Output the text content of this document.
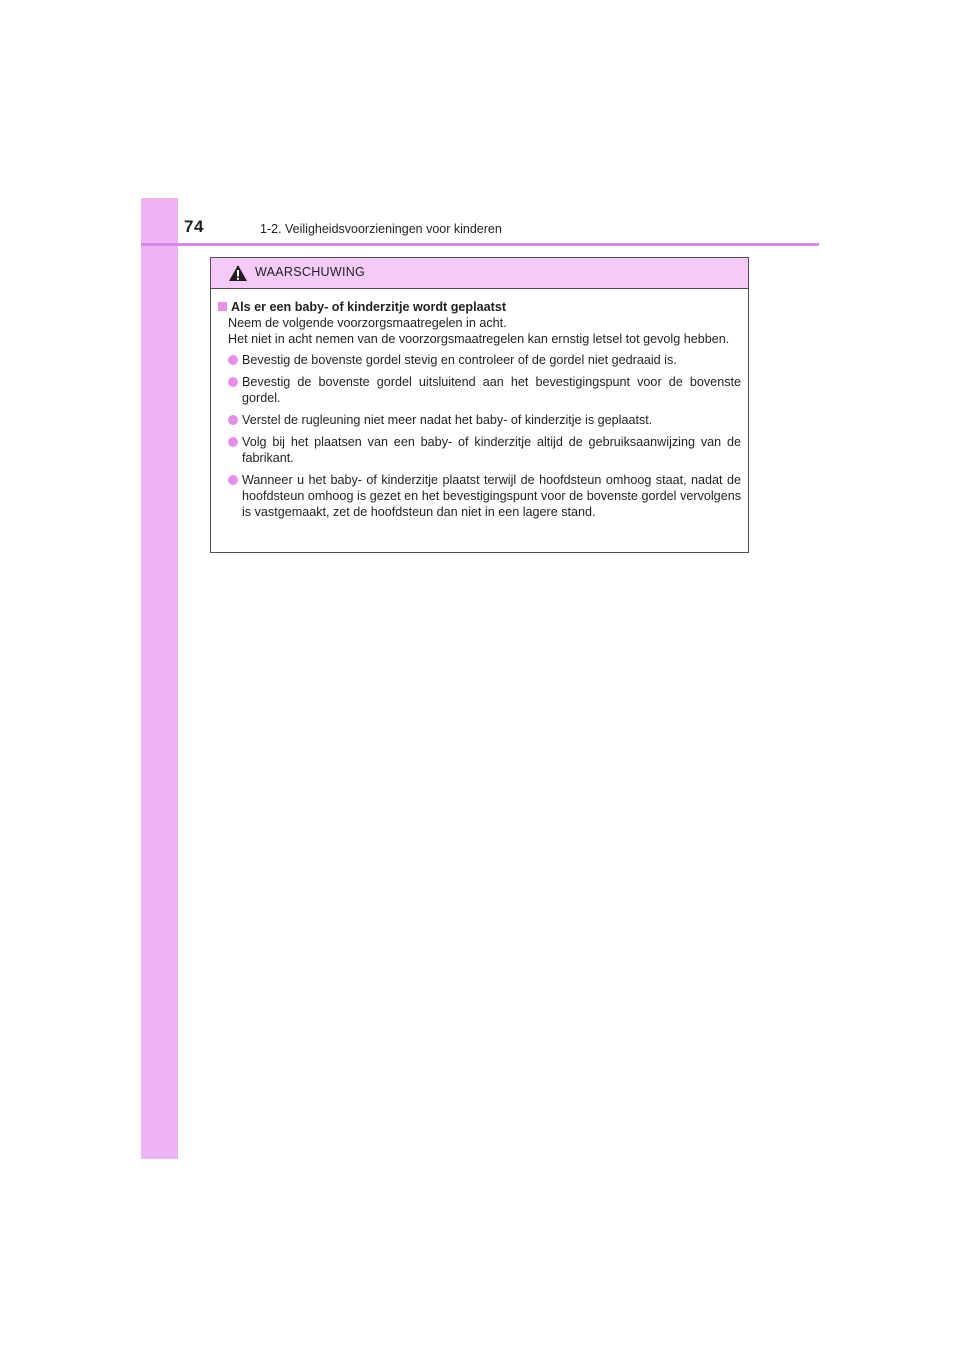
74	1-2. Veiligheidsvoorzieningen voor kinderen
WAARSCHUWING
Als er een baby- of kinderzitje wordt geplaatst
Neem de volgende voorzorgsmaatregelen in acht.
Het niet in acht nemen van de voorzorgsmaatregelen kan ernstig letsel tot gevolg hebben.
Bevestig de bovenste gordel stevig en controleer of de gordel niet gedraaid is.
Bevestig de bovenste gordel uitsluitend aan het bevestigingspunt voor de bovenste gordel.
Verstel de rugleuning niet meer nadat het baby- of kinderzitje is geplaatst.
Volg bij het plaatsen van een baby- of kinderzitje altijd de gebruiksaanwijzing van de fabrikant.
Wanneer u het baby- of kinderzitje plaatst terwijl de hoofdsteun omhoog staat, nadat de hoofdsteun omhoog is gezet en het bevestigingspunt voor de bovenste gordel vervolgens is vastgemaakt, zet de hoofdsteun dan niet in een lagere stand.
